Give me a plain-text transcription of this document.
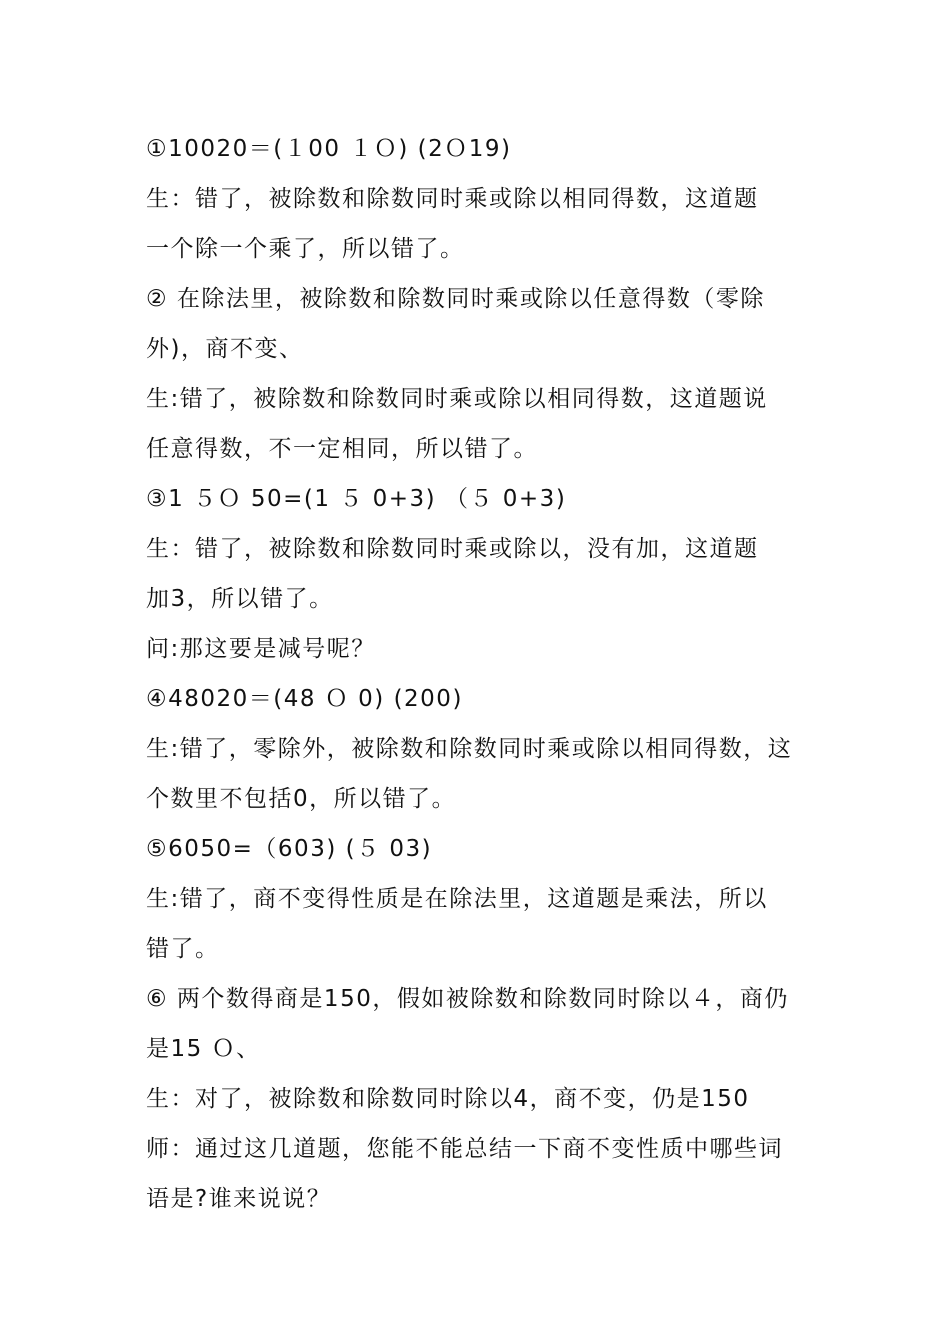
①10020＝(１00 １Ｏ) (2Ｏ19)
生：错了，被除数和除数同时乘或除以相同得数，这道题
一个除一个乘了，所以错了。
② 在除法里，被除数和除数同时乘或除以任意得数（零除
外)，商不变、
生:错了，被除数和除数同时乘或除以相同得数，这道题说
任意得数，不一定相同，所以错了。
③1 ５Ｏ 50=(1 ５ 0+3) （５ 0+3)
生：错了，被除数和除数同时乘或除以，没有加，这道题
加3，所以错了。
问:那这要是减号呢？
④48020＝(48 Ｏ 0) (200)
生:错了，零除外，被除数和除数同时乘或除以相同得数，这
个数里不包括0，所以错了。
⑤6050=（603) (５ 03)
生:错了，商不变得性质是在除法里，这道题是乘法，所以
错了。
⑥ 两个数得商是150，假如被除数和除数同时除以４，商仍
是15 Ｏ、
生：对了，被除数和除数同时除以4，商不变，仍是150
师：通过这几道题，您能不能总结一下商不变性质中哪些词
语是?谁来说说？
